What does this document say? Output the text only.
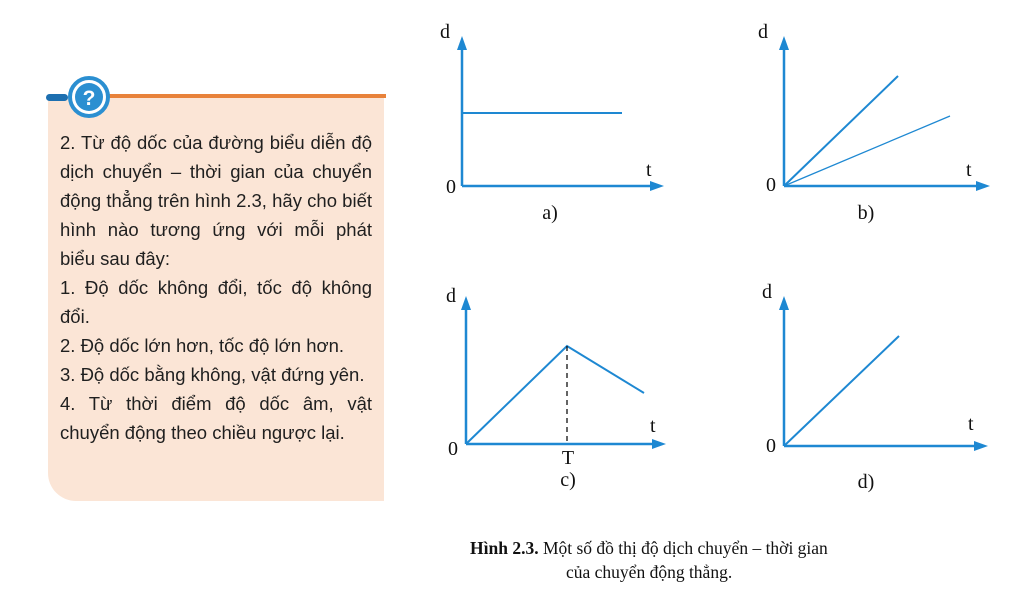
?

2. Từ độ dốc của đường biểu diễn độ dịch chuyển – thời gian của chuyển động thẳng trên hình 2.3, hãy cho biết hình nào tương ứng với mỗi phát biểu sau đây:

1. Độ dốc không đổi, tốc độ không đổi.

2. Độ dốc lớn hơn, tốc độ lớn hơn.

3. Độ dốc bằng không, vật đứng yên.

4. Từ thời điểm độ dốc âm, vật chuyển động theo chiều ngược lại.

d
t
0
a)
d
t
0
b)
d
t
0	T
c)
d
t
0
d)
Hình 2.3. Một số đồ thị độ dịch chuyển – thời gian
của chuyển động thẳng.
